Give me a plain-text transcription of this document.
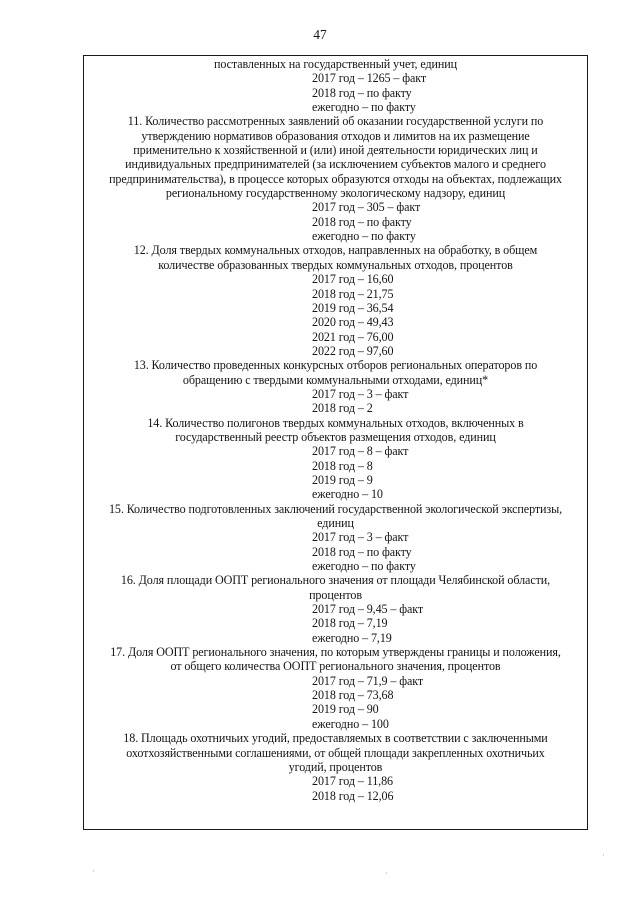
47
поставленных на государственный учет, единиц
2017 год – 1265 – факт
2018 год – по факту
ежегодно – по факту
11. Количество рассмотренных заявлений об оказании государственной услуги по
утверждению нормативов образования отходов и лимитов на их размещение
применительно к хозяйственной и (или) иной деятельности юридических лиц и
индивидуальных предпринимателей (за исключением субъектов малого и среднего
предпринимательства), в процессе которых образуются отходы на объектах, подлежащих
региональному государственному экологическому надзору, единиц
2017 год – 305 – факт
2018 год – по факту
ежегодно – по факту
12. Доля твердых коммунальных отходов, направленных на обработку, в общем
количестве образованных твердых коммунальных отходов, процентов
2017 год – 16,60
2018 год – 21,75
2019 год – 36,54
2020 год – 49,43
2021 год – 76,00
2022 год – 97,60
13. Количество проведенных конкурсных отборов региональных операторов по
обращению с твердыми коммунальными отходами, единиц*
2017 год – 3 – факт
2018 год – 2
14. Количество полигонов твердых коммунальных отходов, включенных в
государственный реестр объектов размещения отходов, единиц
2017 год – 8 – факт
2018 год – 8
2019 год – 9
ежегодно – 10
15. Количество подготовленных заключений государственной экологической экспертизы,
единиц
2017 год – 3 – факт
2018 год – по факту
ежегодно – по факту
16. Доля площади ООПТ регионального значения от площади Челябинской области,
процентов
2017 год – 9,45 – факт
2018 год – 7,19
ежегодно – 7,19
17. Доля ООПТ регионального значения, по которым утверждены границы и положения,
от общего количества ООПТ регионального значения, процентов
2017 год – 71,9 – факт
2018 год – 73,68
2019 год – 90
ежегодно – 100
18. Площадь охотничьих угодий, предоставляемых в соответствии с заключенными
охотхозяйственными соглашениями, от общей площади закрепленных охотничьих
угодий, процентов
2017 год – 11,86
2018 год – 12,06
·	·
·
